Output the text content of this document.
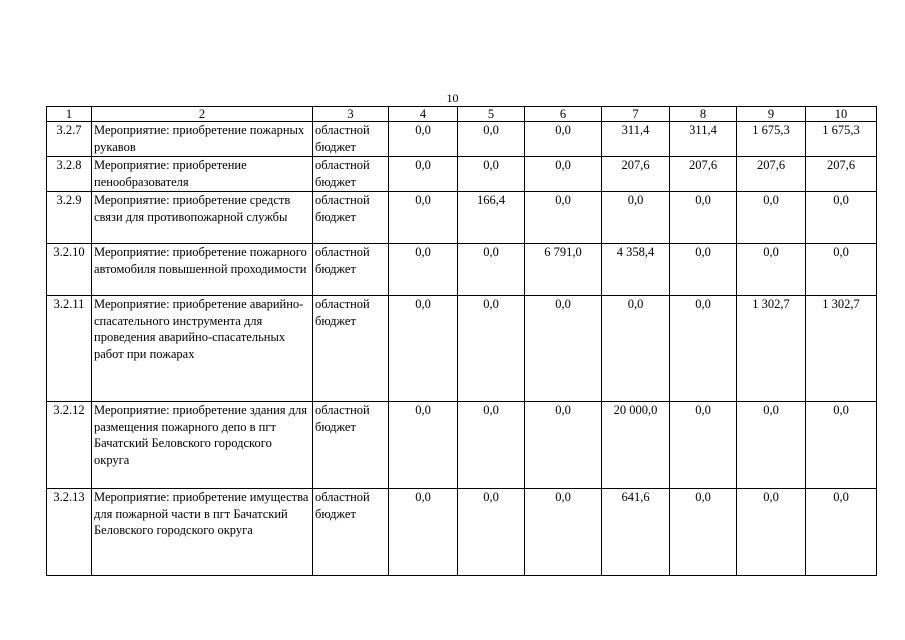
10
1	2	3	4	5	6	7	8	9	10
3.2.7	Мероприятие: приобретение пожарных рукавов	областной бюджет	0,0	0,0	0,0	311,4	311,4	1 675,3	1 675,3
3.2.8	Мероприятие: приобретение пенообразователя	областной бюджет	0,0	0,0	0,0	207,6	207,6	207,6	207,6
3.2.9	Мероприятие: приобретение средств связи для противопожарной службы	областной бюджет	0,0	166,4	0,0	0,0	0,0	0,0	0,0
3.2.10	Мероприятие: приобретение пожарного автомобиля повышенной проходимости	областной бюджет	0,0	0,0	6 791,0	4 358,4	0,0	0,0	0,0
3.2.11	Мероприятие: приобретение аварийно-спасательного инструмента для проведения аварийно-спасательных работ при пожарах	областной бюджет	0,0	0,0	0,0	0,0	0,0	1 302,7	1 302,7
3.2.12	Мероприятие: приобретение здания для размещения пожарного депо в пгт Бачатский Беловского городского округа	областной бюджет	0,0	0,0	0,0	20 000,0	0,0	0,0	0,0
3.2.13	Мероприятие: приобретение имущества для пожарной части в пгт Бачатский Беловского городского округа	областной бюджет	0,0	0,0	0,0	641,6	0,0	0,0	0,0
